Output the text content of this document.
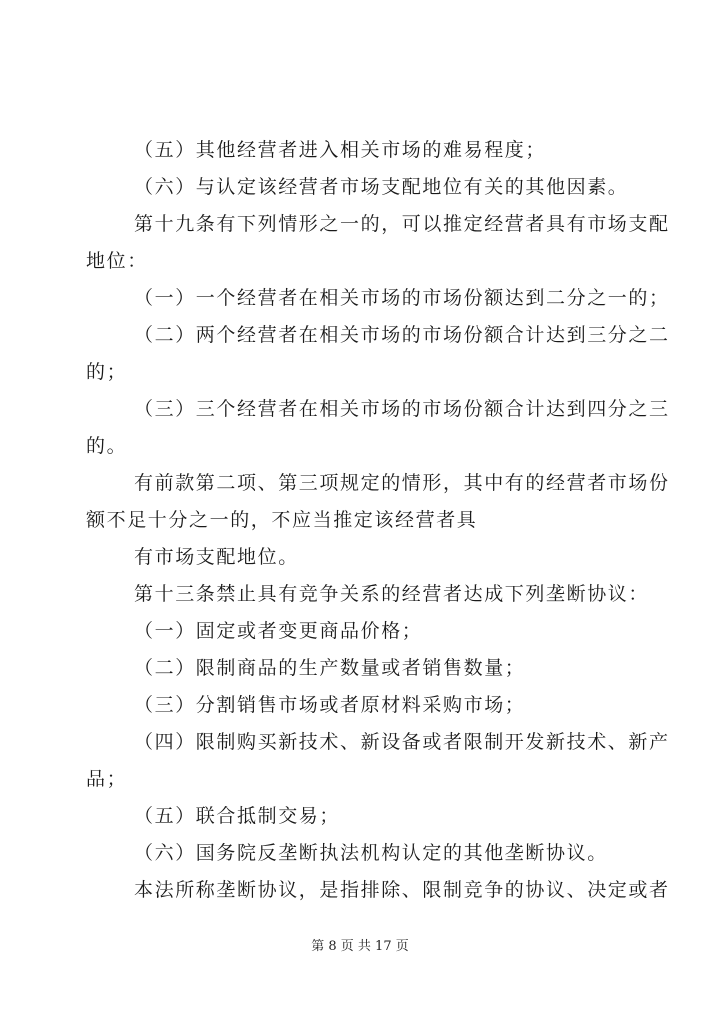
（五）其他经营者进入相关市场的难易程度；
（六）与认定该经营者市场支配地位有关的其他因素。
第十九条有下列情形之一的，可以推定经营者具有市场支配
地位：
（一）一个经营者在相关市场的市场份额达到二分之一的；
（二）两个经营者在相关市场的市场份额合计达到三分之二
的；
（三）三个经营者在相关市场的市场份额合计达到四分之三
的。
有前款第二项、第三项规定的情形，其中有的经营者市场份
额不足十分之一的，不应当推定该经营者具
有市场支配地位。
第十三条禁止具有竞争关系的经营者达成下列垄断协议：
（一）固定或者变更商品价格；
（二）限制商品的生产数量或者销售数量；
（三）分割销售市场或者原材料采购市场；
（四）限制购买新技术、新设备或者限制开发新技术、新产
品；
（五）联合抵制交易；
（六）国务院反垄断执法机构认定的其他垄断协议。
本法所称垄断协议，是指排除、限制竞争的协议、决定或者
第 8 页 共 17 页
